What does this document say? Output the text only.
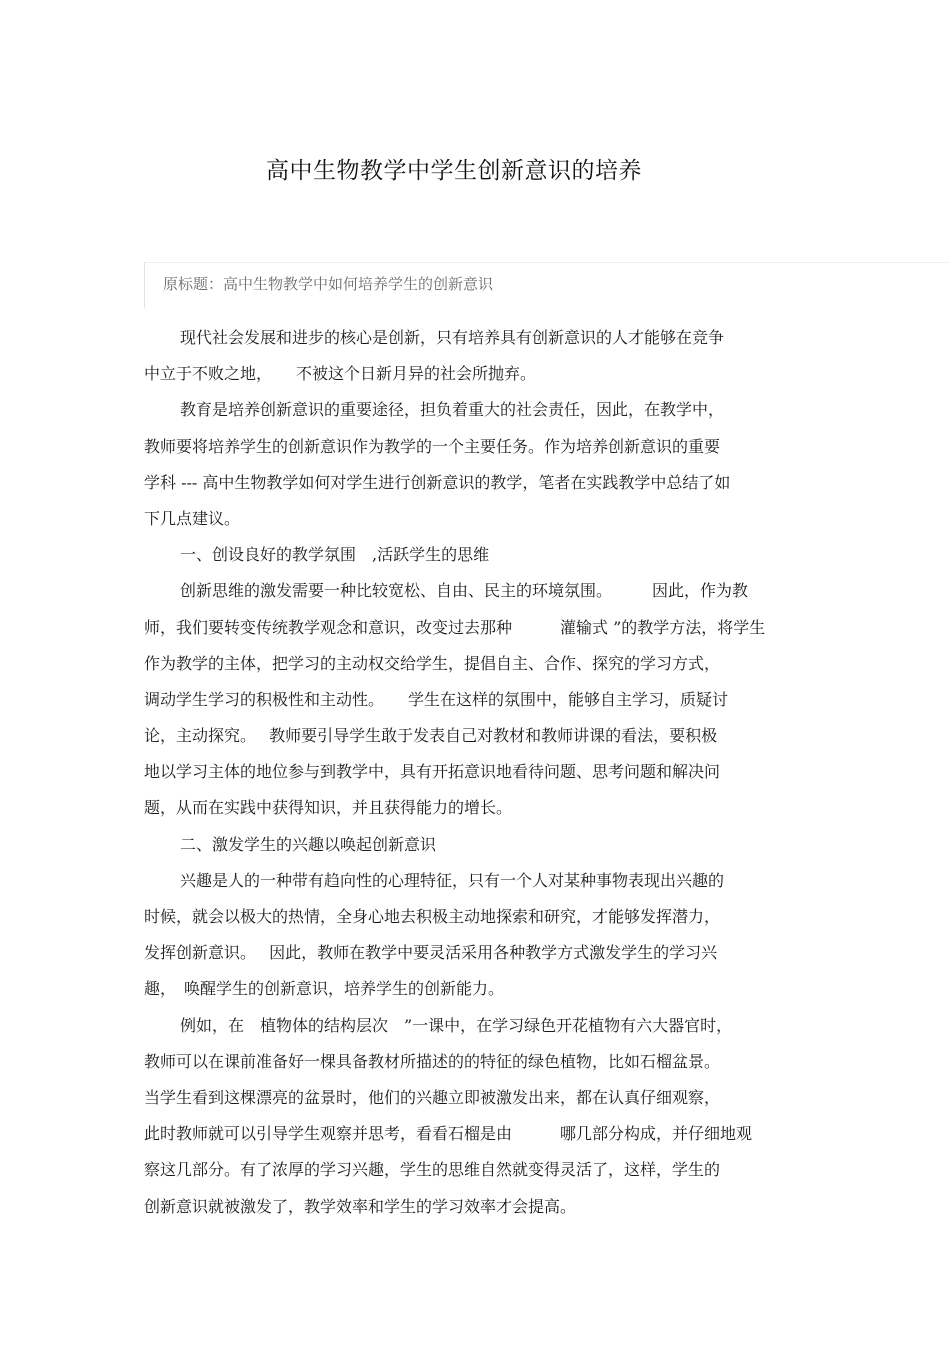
高中生物教学中学生创新意识的培养
原标题：高中生物教学中如何培养学生的创新意识
现代社会发展和进步的核心是创新，只有培养具有创新意识的人才能够在竞争
中立于不败之地，　　不被这个日新月异的社会所抛弃。
教育是培养创新意识的重要途径，担负着重大的社会责任，因此，在教学中，
教师要将培养学生的创新意识作为教学的一个主要任务。作为培养创新意识的重要
学科 --- 高中生物教学如何对学生进行创新意识的教学，笔者在实践教学中总结了如
下几点建议。
一、创设良好的教学氛围　,活跃学生的思维
创新思维的激发需要一种比较宽松、自由、民主的环境氛围。　　　因此，作为教
师，我们要转变传统教学观念和意识，改变过去那种　　　灌输式 ”的教学方法，将学生
作为教学的主体，把学习的主动权交给学生，提倡自主、合作、探究的学习方式，
调动学生学习的积极性和主动性。　　学生在这样的氛围中，能够自主学习，质疑讨
论，主动探究。　 教师要引导学生敢于发表自己对教材和教师讲课的看法，要积极
地以学习主体的地位参与到教学中，具有开拓意识地看待问题、思考问题和解决问
题，从而在实践中获得知识，并且获得能力的增长。
二、激发学生的兴趣以唤起创新意识
兴趣是人的一种带有趋向性的心理特征，只有一个人对某种事物表现出兴趣的
时候，就会以极大的热情，全身心地去积极主动地探索和研究，才能够发挥潜力，
发挥创新意识。　 因此，教师在教学中要灵活采用各种教学方式激发学生的学习兴
趣，　唤醒学生的创新意识，培养学生的创新能力。
例如，在　植物体的结构层次　”一课中，在学习绿色开花植物有六大器官时，
教师可以在课前准备好一棵具备教材所描述的的特征的绿色植物，比如石榴盆景。
当学生看到这棵漂亮的盆景时，他们的兴趣立即被激发出来，都在认真仔细观察，
此时教师就可以引导学生观察并思考，看看石榴是由　　　哪几部分构成，并仔细地观
察这几部分。有了浓厚的学习兴趣，学生的思维自然就变得灵活了，这样，学生的
创新意识就被激发了，教学效率和学生的学习效率才会提高。
